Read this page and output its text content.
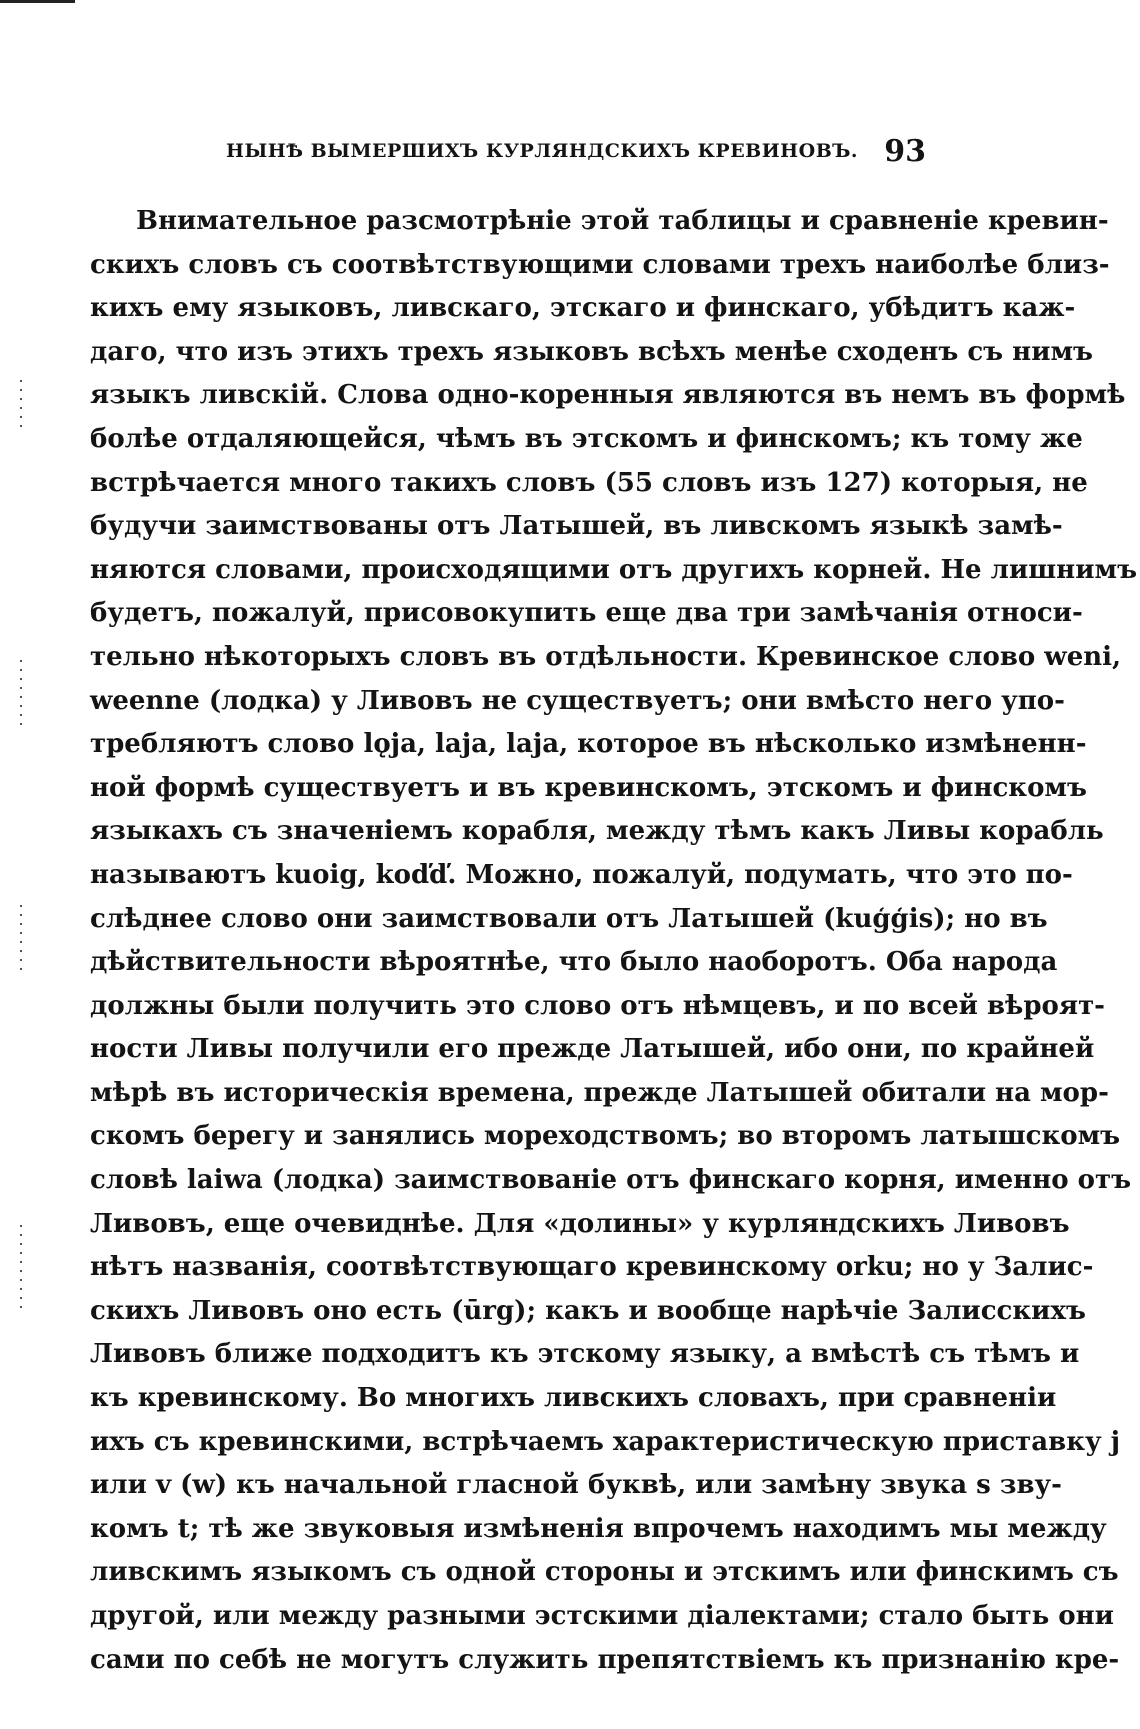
НЫНѢ ВЫМЕРШИХЪ КУРЛЯНДСКИХЪ КРЕВИНОВЪ. 93
Внимательное разсмотрѣніе этой таблицы и сравненіе кревин-
скихъ словъ съ соотвѣтствующими словами трехъ наиболѣе близ-
кихъ ему языковъ, ливскаго, этскаго и финскаго, убѣдитъ каж-
даго, что изъ этихъ трехъ языковъ всѣхъ менѣе сходенъ съ нимъ
языкъ ливскій. Слова одно-коренныя являются въ немъ въ формѣ
болѣе отдаляющейся, чѣмъ въ этскомъ и финскомъ; къ тому же
встрѣчается много такихъ словъ (55 словъ изъ 127) которыя, не
будучи заимствованы отъ Латышей, въ ливскомъ языкѣ замѣ-
няются словами, происходящими отъ другихъ корней. Не лишнимъ
будетъ, пожалуй, присовокупить еще два три замѣчанія относи-
тельно нѣкоторыхъ словъ въ отдѣльности. Кревинское слово weni,
weenne (лодка) у Ливовъ не существуетъ; они вмѣсто него упо-
требляютъ слово lǫja, laja, laja, которое въ нѣсколько измѣненн-
ной формѣ существуетъ и въ кревинскомъ, этскомъ и финскомъ
языкахъ съ значеніемъ корабля, между тѣмъ какъ Ливы корабль
называютъ kuoig, koďď. Можно, пожалуй, подумать, что это по-
слѣднее слово они заимствовали отъ Латышей (kuģģis); но въ
дѣйствительности вѣроятнѣе, что было наоборотъ. Оба народа
должны были получить это слово отъ нѣмцевъ, и по всей вѣроят-
ности Ливы получили его прежде Латышей, ибо они, по крайней
мѣрѣ въ историческія времена, прежде Латышей обитали на мор-
скомъ берегу и занялись мореходствомъ; во второмъ латышскомъ
словѣ laiwa (лодка) заимствованіе отъ финскаго корня, именно отъ
Ливовъ, еще очевиднѣе. Для «долины» у курляндскихъ Ливовъ
нѣтъ названія, соотвѣтствующаго кревинскому orku; но у Залис-
скихъ Ливовъ оно есть (ūrg); какъ и вообще нарѣчіе Залисскихъ
Ливовъ ближе подходитъ къ этскому языку, а вмѣстѣ съ тѣмъ и
къ кревинскому. Во многихъ ливскихъ словахъ, при сравненіи
ихъ съ кревинскими, встрѣчаемъ характеристическую приставку j
или v (w) къ начальной гласной буквѣ, или замѣну звука s зву-
комъ t; тѣ же звуковыя измѣненія впрочемъ находимъ мы между
ливскимъ языкомъ съ одной стороны и этскимъ или финскимъ съ
другой, или между разными эстскими діалектами; стало быть они
сами по себѣ не могутъ служить препятствіемъ къ признанію кре-
